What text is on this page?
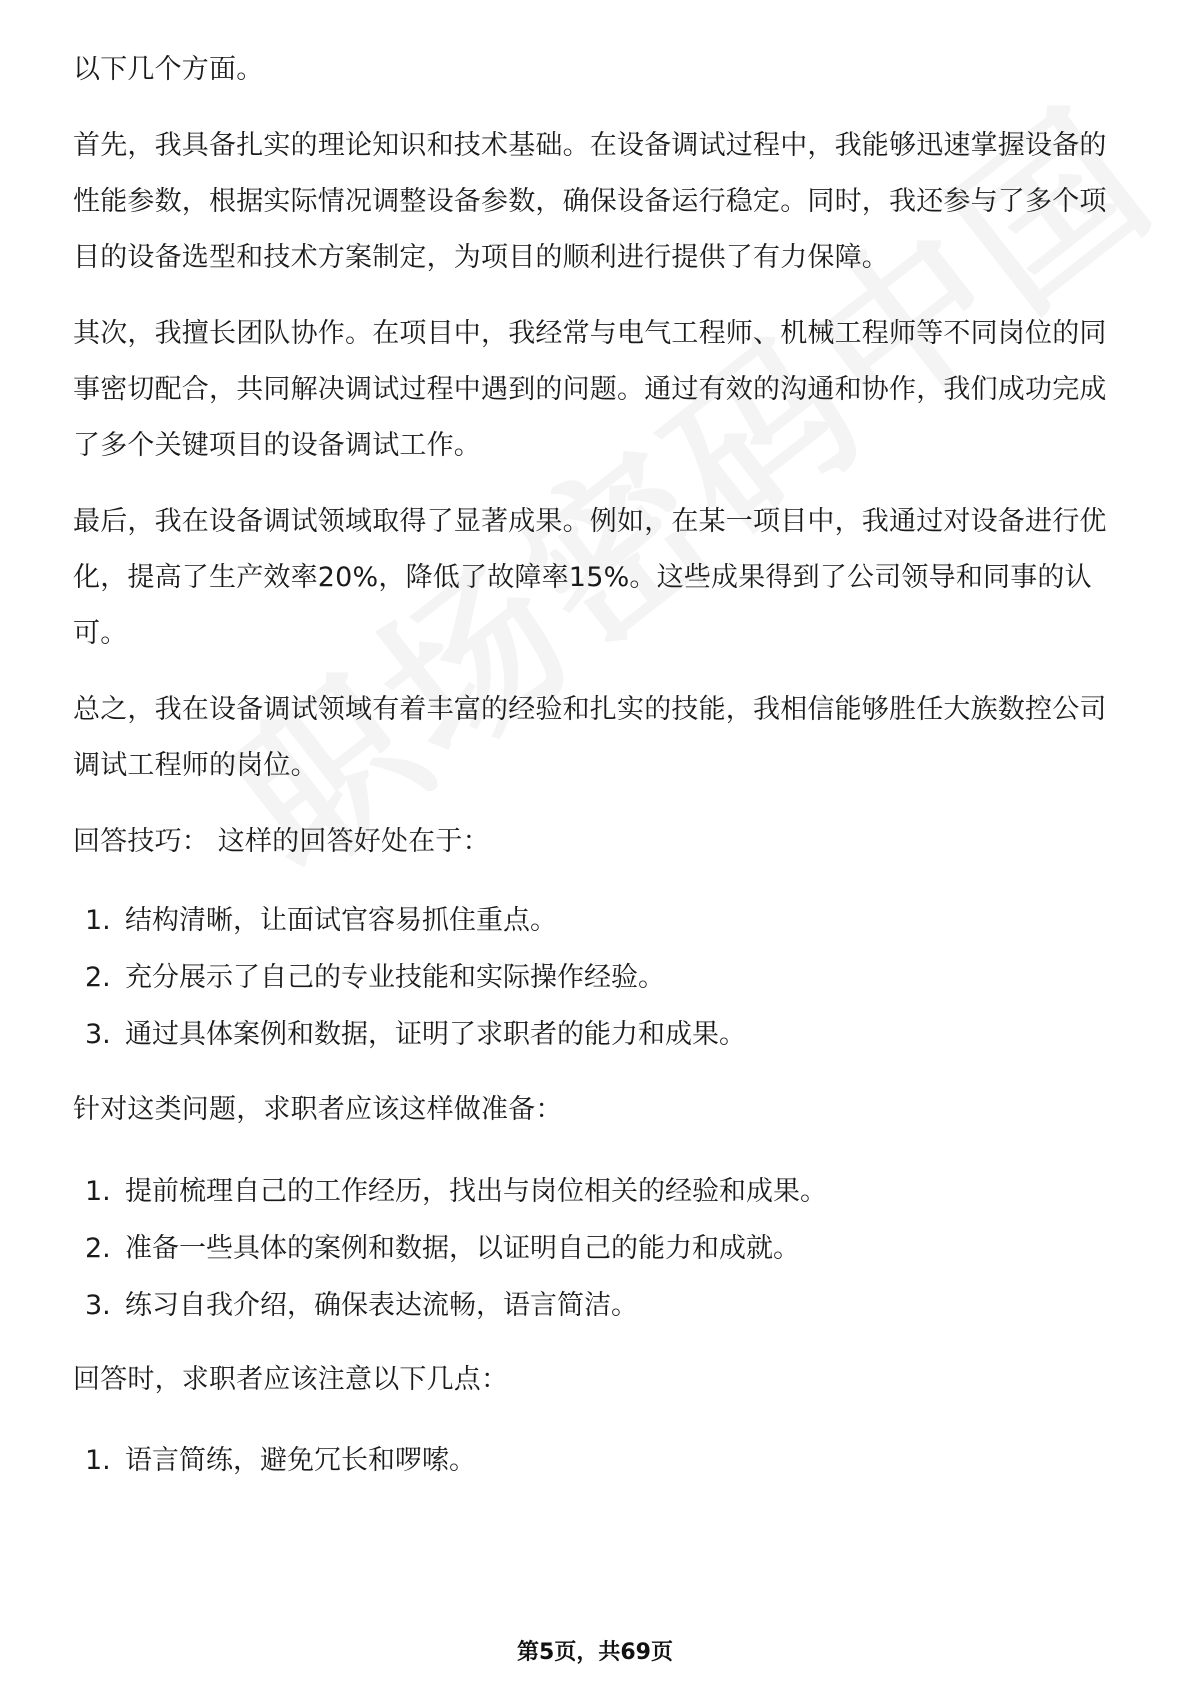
以下几个方面。

首先，我具备扎实的理论知识和技术基础。在设备调试过程中，我能够迅速掌握设备的性能参数，根据实际情况调整设备参数，确保设备运行稳定。同时，我还参与了多个项目的设备选型和技术方案制定，为项目的顺利进行提供了有力保障。

其次，我擅长团队协作。在项目中，我经常与电气工程师、机械工程师等不同岗位的同事密切配合，共同解决调试过程中遇到的问题。通过有效的沟通和协作，我们成功完成了多个关键项目的设备调试工作。

最后，我在设备调试领域取得了显著成果。例如，在某一项目中，我通过对设备进行优化，提高了生产效率20%，降低了故障率15%。这些成果得到了公司领导和同事的认可。

总之，我在设备调试领域有着丰富的经验和扎实的技能，我相信能够胜任大族数控公司调试工程师的岗位。

回答技巧： 这样的回答好处在于：

1. 结构清晰，让面试官容易抓住重点。
2. 充分展示了自己的专业技能和实际操作经验。
3. 通过具体案例和数据，证明了求职者的能力和成果。

针对这类问题，求职者应该这样做准备：

1. 提前梳理自己的工作经历，找出与岗位相关的经验和成果。
2. 准备一些具体的案例和数据，以证明自己的能力和成就。
3. 练习自我介绍，确保表达流畅，语言简洁。

回答时，求职者应该注意以下几点：

1. 语言简练，避免冗长和啰嗦。
第5页，共69页
